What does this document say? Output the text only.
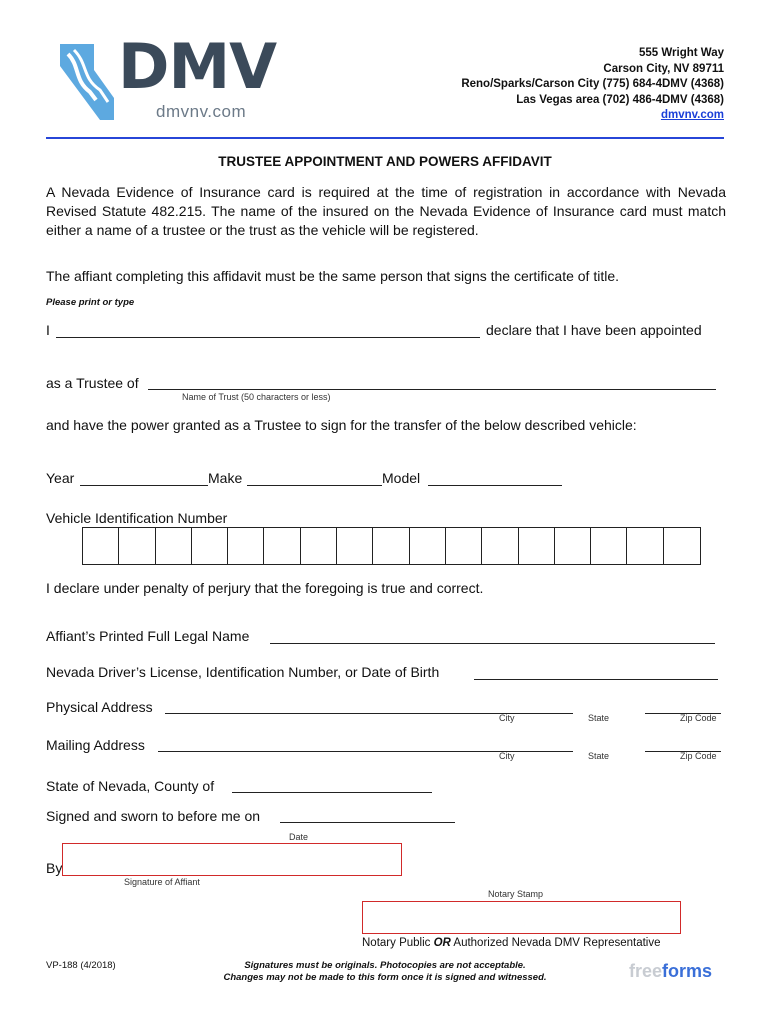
DMV
dmvnv.com
555 Wright Way
Carson City, NV 89711
Reno/Sparks/Carson City (775) 684-4DMV (4368)
Las Vegas area (702) 486-4DMV (4368)
dmvnv.com
TRUSTEE APPOINTMENT AND POWERS AFFIDAVIT
A Nevada Evidence of Insurance card is required at the time of registration in accordance with Nevada Revised Statute 482.215. The name of the insured on the Nevada Evidence of Insurance card must match either a name of a trustee or the trust as the vehicle will be registered.
The affiant completing this affidavit must be the same person that signs the certificate of title.
Please print or type
I	declare that I have been appointed
as a Trustee of
Name of Trust (50 characters or less)
and have the power granted as a Trustee to sign for the transfer of the below described vehicle:
Year	Make	Model
Vehicle Identification Number
I declare under penalty of perjury that the foregoing is true and correct.
Affiant’s Printed Full Legal Name
Nevada Driver’s License, Identification Number, or Date of Birth
Physical Address
City	State	Zip Code
Mailing Address
City	State	Zip Code
State of Nevada, County of
Signed and sworn to before me on
Date
By
Signature of Affiant
Notary Stamp
Notary Public OR Authorized Nevada DMV Representative
VP-188 (4/2018)	Signatures must be originals. Photocopies are not acceptable.
Changes may not be made to this form once it is signed and witnessed.	freeforms
